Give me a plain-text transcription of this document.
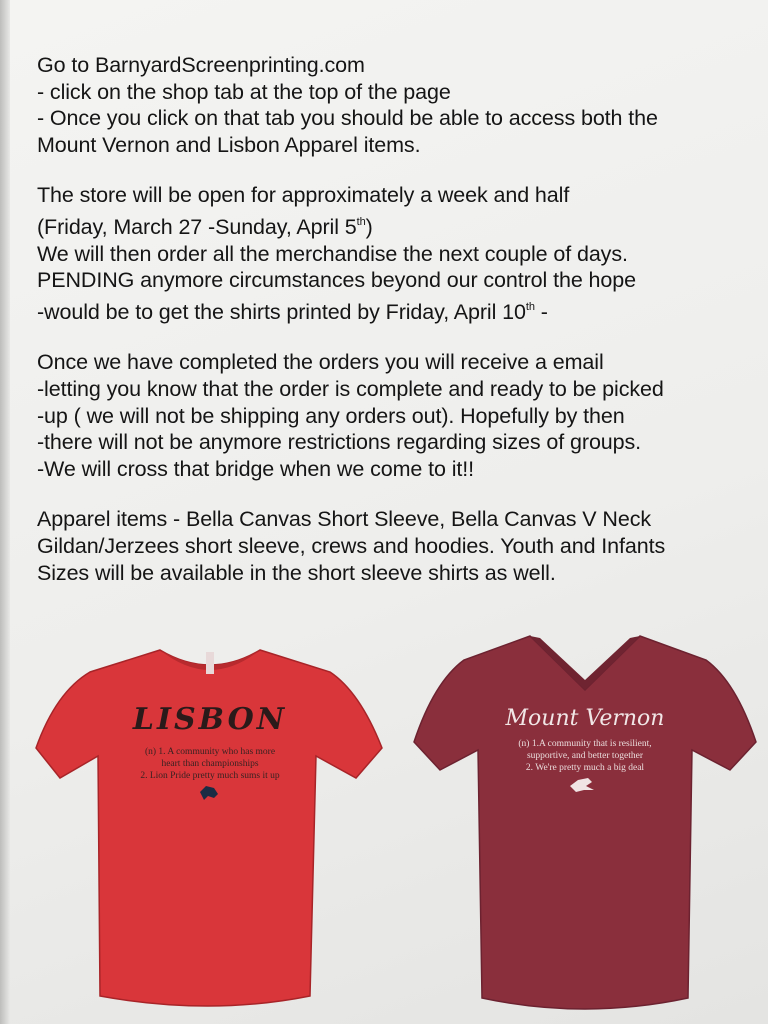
Go to BarnyardScreenprinting.com
- click on the shop tab at the top of the page
- Once you click on that tab you should be able to access both the
Mount Vernon and Lisbon Apparel items.
The store will be open for approximately a week and half
(Friday, March 27 -Sunday, April 5th)
We will then order all the merchandise the next couple of days.
PENDING anymore circumstances beyond our control the hope
-would be to get the shirts printed by Friday, April 10th -
Once we have completed the orders you will receive a email
-letting you know that the order is complete and ready to be picked
-up ( we will not be shipping any orders out). Hopefully by then
-there will not be anymore restrictions regarding sizes of groups.
-We will cross that bridge when we come to it!!
Apparel items - Bella Canvas Short Sleeve, Bella Canvas V Neck
Gildan/Jerzees short sleeve, crews and hoodies. Youth and Infants
Sizes will be available in the short sleeve shirts as well.
LISBON
(n) 1. A community who has more
heart than championships
2. Lion Pride pretty much sums it up
Mount Vernon
(n) 1.A community that is resilient,
supportive, and better together
2. We're pretty much a big deal
